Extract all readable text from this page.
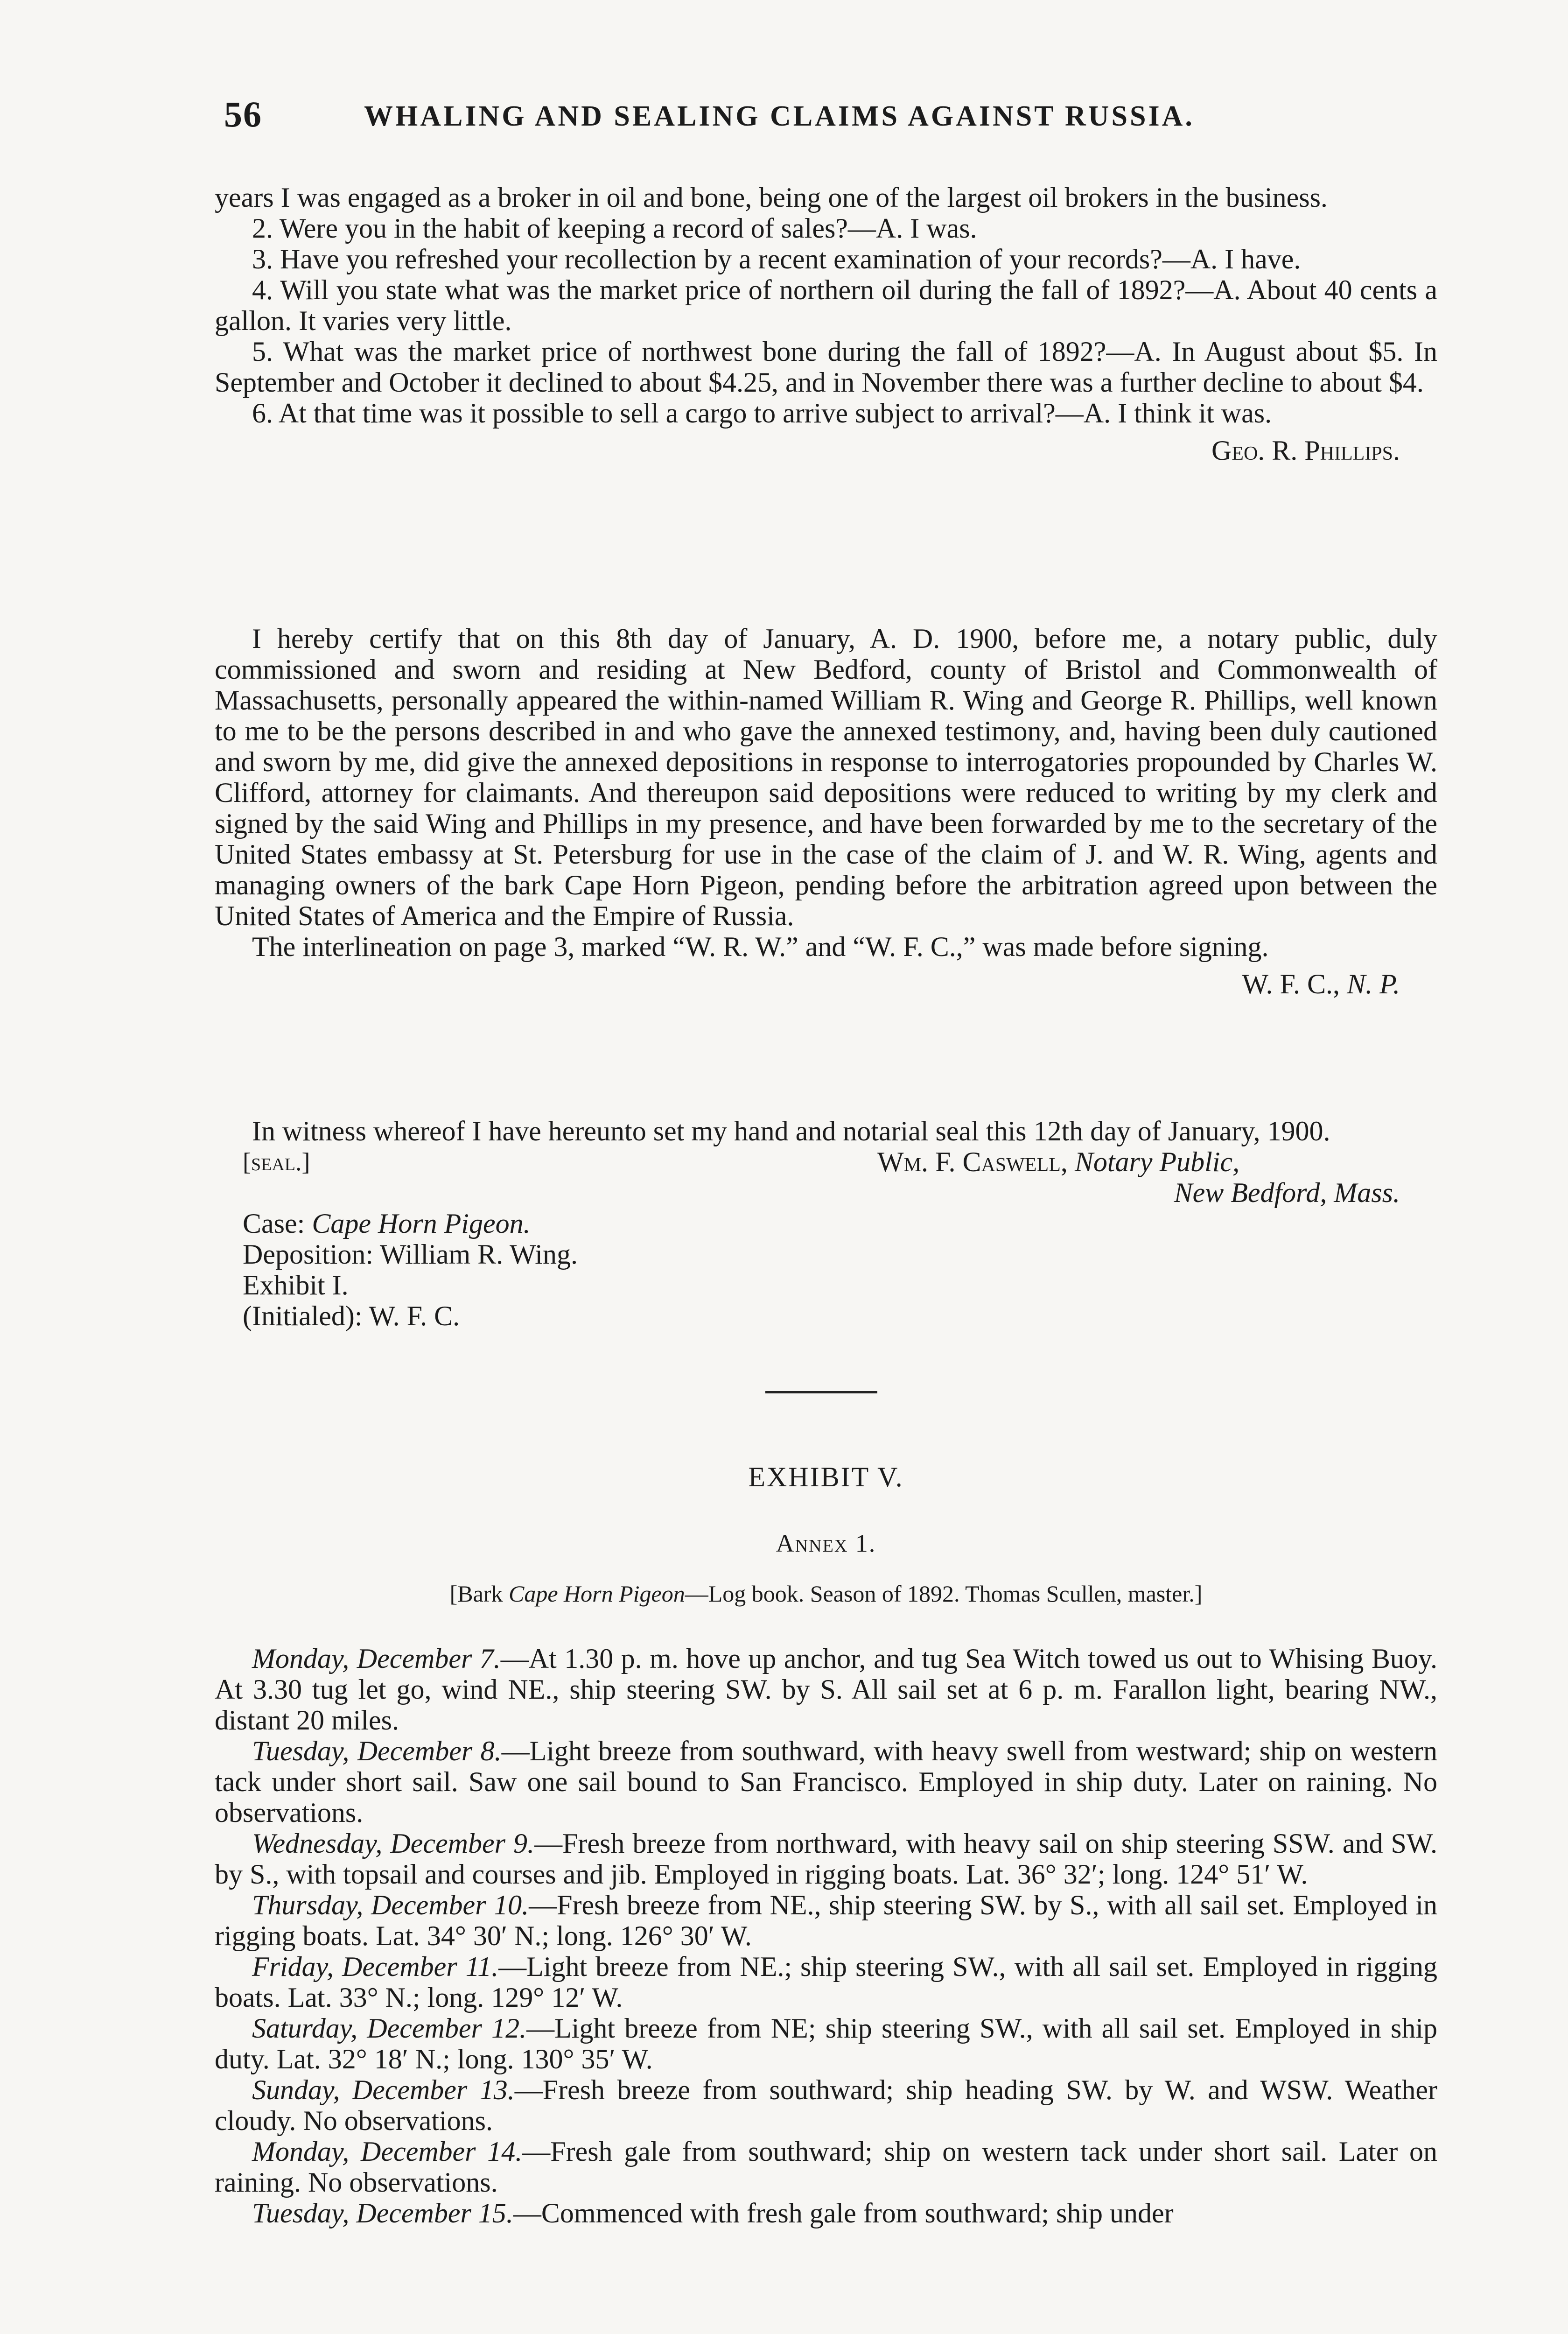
56	WHALING AND SEALING CLAIMS AGAINST RUSSIA.

years I was engaged as a broker in oil and bone, being one of the largest oil brokers in the business.

2. Were you in the habit of keeping a record of sales?—A. I was.

3. Have you refreshed your recollection by a recent examination of your records?—A. I have.

4. Will you state what was the market price of northern oil during the fall of 1892?—A. About 40 cents a gallon. It varies very little.

5. What was the market price of northwest bone during the fall of 1892?—A. In August about $5. In September and October it declined to about $4.25, and in November there was a further decline to about $4.

6. At that time was it possible to sell a cargo to arrive subject to arrival?—A. I think it was.

Geo. R. Phillips.

I hereby certify that on this 8th day of January, A. D. 1900, before me, a notary public, duly commissioned and sworn and residing at New Bedford, county of Bristol and Commonwealth of Massachusetts, personally appeared the within-named William R. Wing and George R. Phillips, well known to me to be the persons described in and who gave the annexed testimony, and, having been duly cautioned and sworn by me, did give the annexed depositions in response to interrogatories propounded by Charles W. Clifford, attorney for claimants. And thereupon said depositions were reduced to writing by my clerk and signed by the said Wing and Phillips in my presence, and have been forwarded by me to the secretary of the United States embassy at St. Petersburg for use in the case of the claim of J. and W. R. Wing, agents and managing owners of the bark Cape Horn Pigeon, pending before the arbitration agreed upon between the United States of America and the Empire of Russia.

The interlineation on page 3, marked “W. R. W.” and “W. F. C.,” was made before signing.

W. F. C., N. P.

In witness whereof I have hereunto set my hand and notarial seal this 12th day of January, 1900.

[seal.]	Wm. F. Caswell, Notary Public,

New Bedford, Mass.

Case: Cape Horn Pigeon.

Deposition: William R. Wing.

Exhibit I.

(Initialed): W. F. C.

EXHIBIT V.
Annex 1.
[Bark Cape Horn Pigeon—Log book. Season of 1892. Thomas Scullen, master.]

Monday, December 7.—At 1.30 p. m. hove up anchor, and tug Sea Witch towed us out to Whising Buoy. At 3.30 tug let go, wind NE., ship steering SW. by S. All sail set at 6 p. m. Farallon light, bearing NW., distant 20 miles.

Tuesday, December 8.—Light breeze from southward, with heavy swell from westward; ship on western tack under short sail. Saw one sail bound to San Francisco. Employed in ship duty. Later on raining. No observations.

Wednesday, December 9.—Fresh breeze from northward, with heavy sail on ship steering SSW. and SW. by S., with topsail and courses and jib. Employed in rigging boats. Lat. 36° 32′; long. 124° 51′ W.

Thursday, December 10.—Fresh breeze from NE., ship steering SW. by S., with all sail set. Employed in rigging boats. Lat. 34° 30′ N.; long. 126° 30′ W.

Friday, December 11.—Light breeze from NE.; ship steering SW., with all sail set. Employed in rigging boats. Lat. 33° N.; long. 129° 12′ W.

Saturday, December 12.—Light breeze from NE; ship steering SW., with all sail set. Employed in ship duty. Lat. 32° 18′ N.; long. 130° 35′ W.

Sunday, December 13.—Fresh breeze from southward; ship heading SW. by W. and WSW. Weather cloudy. No observations.

Monday, December 14.—Fresh gale from southward; ship on western tack under short sail. Later on raining. No observations.

Tuesday, December 15.—Commenced with fresh gale from southward; ship under
